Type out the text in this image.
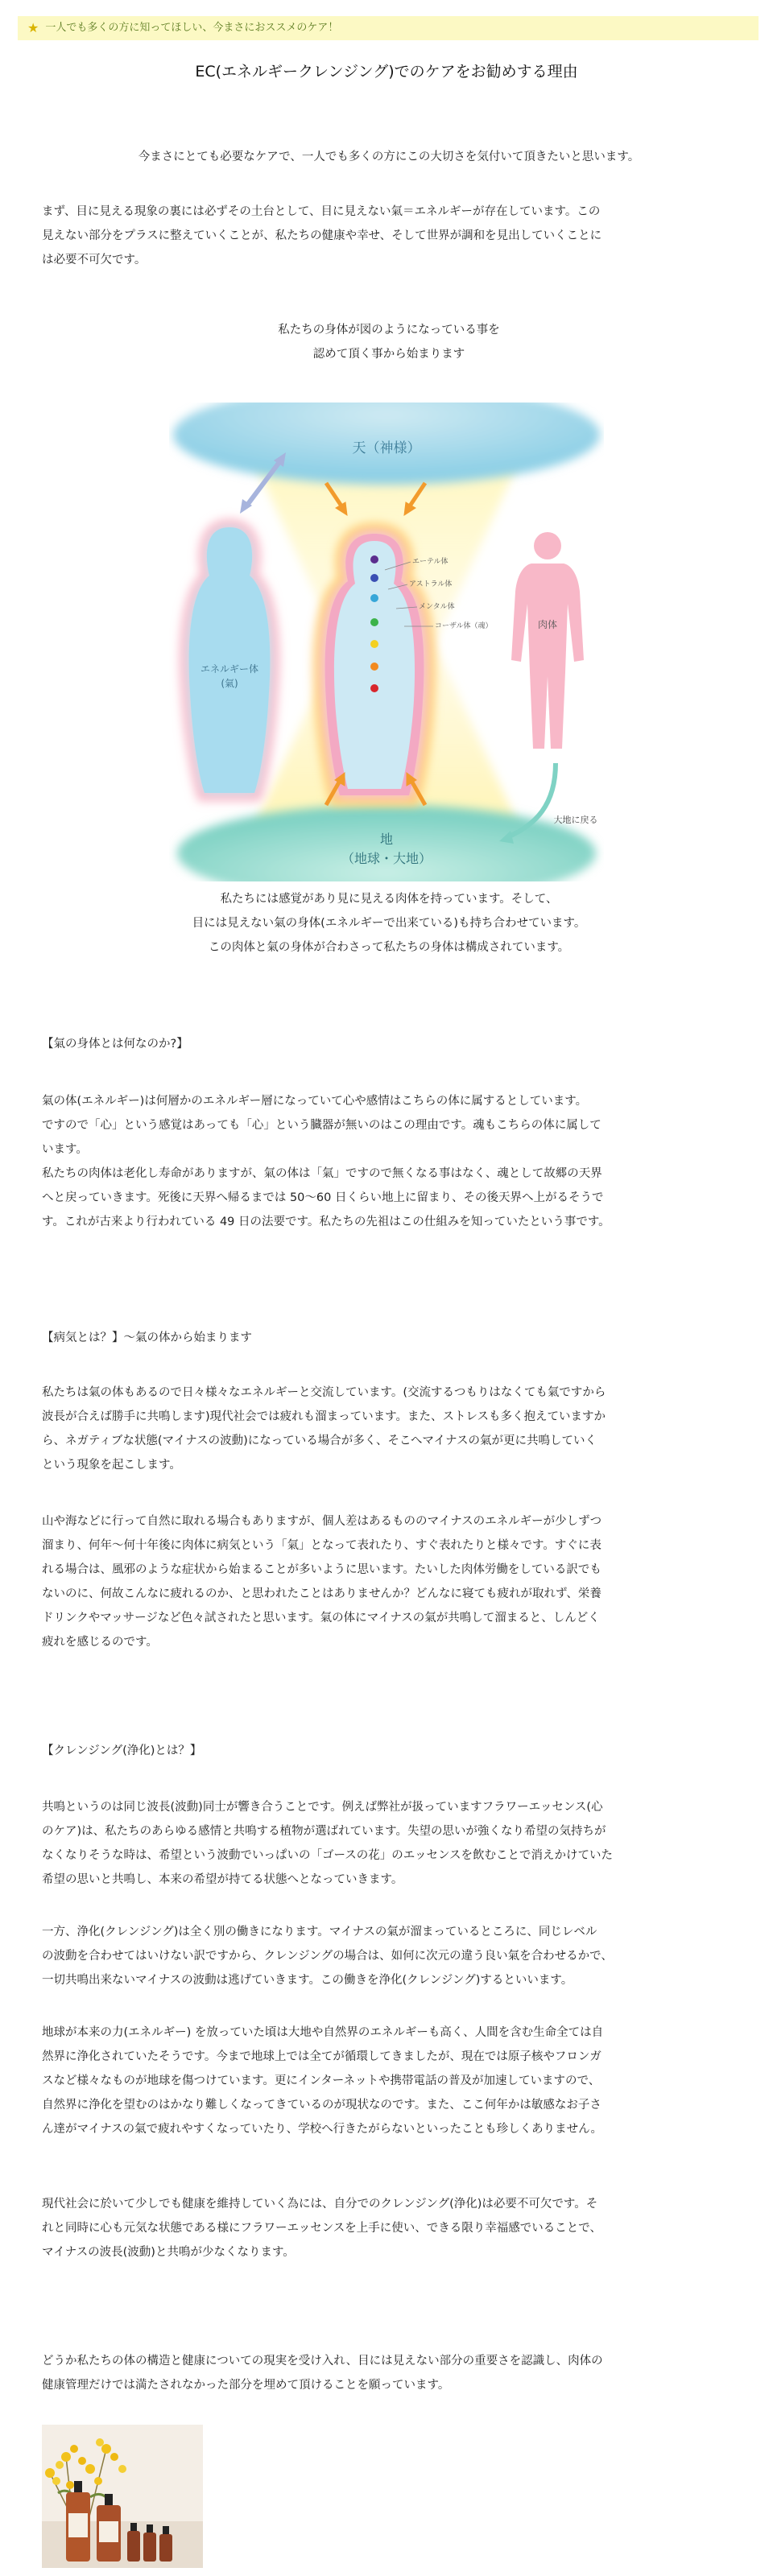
★ 一人でも多くの方に知ってほしい、今まさにおススメのケア！
EC(エネルギークレンジング)でのケアをお勧めする理由
今まさにとても必要なケアで、一人でも多くの方にこの大切さを気付いて頂きたいと思います。
まず、目に見える現象の裏には必ずその土台として、目に見えない氣＝エネルギーが存在しています。この
見えない部分をプラスに整えていくことが、私たちの健康や幸せ、そして世界が調和を見出していくことに
は必要不可欠です。
私たちの身体が図のようになっている事を
認めて頂く事から始まります
天（神様）
地
（地球・大地）
エネルギー体
(氣)
エーテル体
アストラル体
メンタル体
コーザル体（魂）	肉体
大地に戻る
私たちには感覚があり見に見える肉体を持っています。そして、
目には見えない氣の身体(エネルギーで出来ている)も持ち合わせています。
この肉体と氣の身体が合わさって私たちの身体は構成されています。
【氣の身体とは何なのか?】
氣の体(エネルギー)は何層かのエネルギー層になっていて心や感情はこちらの体に属するとしています。
ですので「心」という感覚はあっても「心」という臓器が無いのはこの理由です。魂もこちらの体に属して
います。
私たちの肉体は老化し寿命がありますが、氣の体は「氣」ですので無くなる事はなく、魂として故郷の天界
へと戻っていきます。死後に天界へ帰るまでは 50〜60 日くらい地上に留まり、その後天界へ上がるそうで
す。これが古来より行われている 49 日の法要です。私たちの先祖はこの仕組みを知っていたという事です。
【病気とは？】〜氣の体から始まります
私たちは氣の体もあるので日々様々なエネルギーと交流しています。(交流するつもりはなくても氣ですから
波長が合えば勝手に共鳴します)現代社会では疲れも溜まっています。また、ストレスも多く抱えていますか
ら、ネガティブな状態(マイナスの波動)になっている場合が多く、そこへマイナスの氣が更に共鳴していく
という現象を起こします。
山や海などに行って自然に取れる場合もありますが、個人差はあるもののマイナスのエネルギーが少しずつ
溜まり、何年〜何十年後に肉体に病気という「氣」となって表れたり、すぐ表れたりと様々です。すぐに表
れる場合は、風邪のような症状から始まることが多いように思います。たいした肉体労働をしている訳でも
ないのに、何故こんなに疲れるのか、と思われたことはありませんか？どんなに寝ても疲れが取れず、栄養
ドリンクやマッサージなど色々試されたと思います。氣の体にマイナスの氣が共鳴して溜まると、しんどく
疲れを感じるのです。
【クレンジング(浄化)とは？】
共鳴というのは同じ波長(波動)同士が響き合うことです。例えば弊社が扱っていますフラワーエッセンス(心
のケア)は、私たちのあらゆる感情と共鳴する植物が選ばれています。失望の思いが強くなり希望の気持ちが
なくなりそうな時は、希望という波動でいっぱいの「ゴースの花」のエッセンスを飲むことで消えかけていた
希望の思いと共鳴し、本来の希望が持てる状態へとなっていきます。
一方、浄化(クレンジング)は全く別の働きになります。マイナスの氣が溜まっているところに、同じレベル
の波動を合わせてはいけない訳ですから、クレンジングの場合は、如何に次元の違う良い氣を合わせるかで、
一切共鳴出来ないマイナスの波動は逃げていきます。この働きを浄化(クレンジング)するといいます。
地球が本来の力(エネルギー) を放っていた頃は大地や自然界のエネルギーも高く、人間を含む生命全ては自
然界に浄化されていたそうです。今まで地球上では全てが循環してきましたが、現在では原子核やフロンガ
スなど様々なものが地球を傷つけています。更にインターネットや携帯電話の普及が加速していますので、
自然界に浄化を望むのはかなり難しくなってきているのが現状なのです。また、ここ何年かは敏感なお子さ
ん達がマイナスの氣で疲れやすくなっていたり、学校へ行きたがらないといったことも珍しくありません。
現代社会に於いて少しでも健康を維持していく為には、自分でのクレンジング(浄化)は必要不可欠です。そ
れと同時に心も元気な状態である様にフラワーエッセンスを上手に使い、できる限り幸福感でいることで、
マイナスの波長(波動)と共鳴が少なくなります。
どうか私たちの体の構造と健康についての現実を受け入れ、目には見えない部分の重要さを認識し、肉体の
健康管理だけでは満たされなかった部分を埋めて頂けることを願っています。
